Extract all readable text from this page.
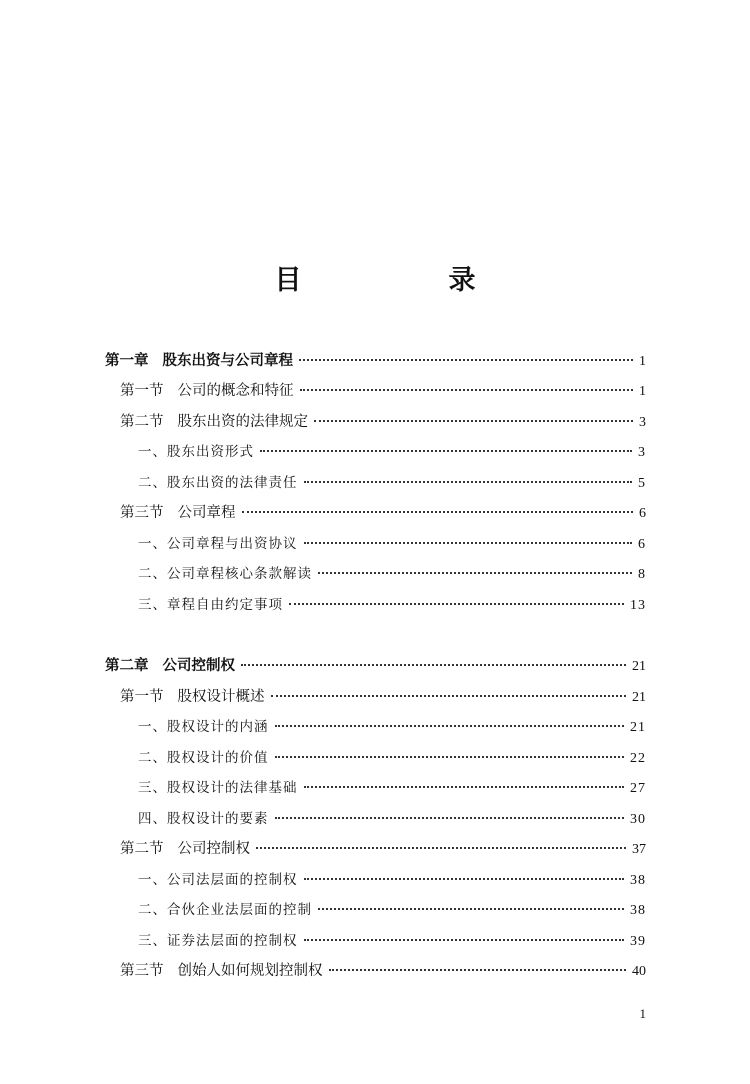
目　录
第一章 股东出资与公司章程	1
第一节 公司的概念和特征	1
第二节 股东出资的法律规定	3
一、股东出资形式	3
二、股东出资的法律责任	5
第三节 公司章程	6
一、公司章程与出资协议	6
二、公司章程核心条款解读	8
三、章程自由约定事项	13
第二章 公司控制权	21
第一节 股权设计概述	21
一、股权设计的内涵	21
二、股权设计的价值	22
三、股权设计的法律基础	27
四、股权设计的要素	30
第二节 公司控制权	37
一、公司法层面的控制权	38
二、合伙企业法层面的控制	38
三、证券法层面的控制权	39
第三节 创始人如何规划控制权	40
1
